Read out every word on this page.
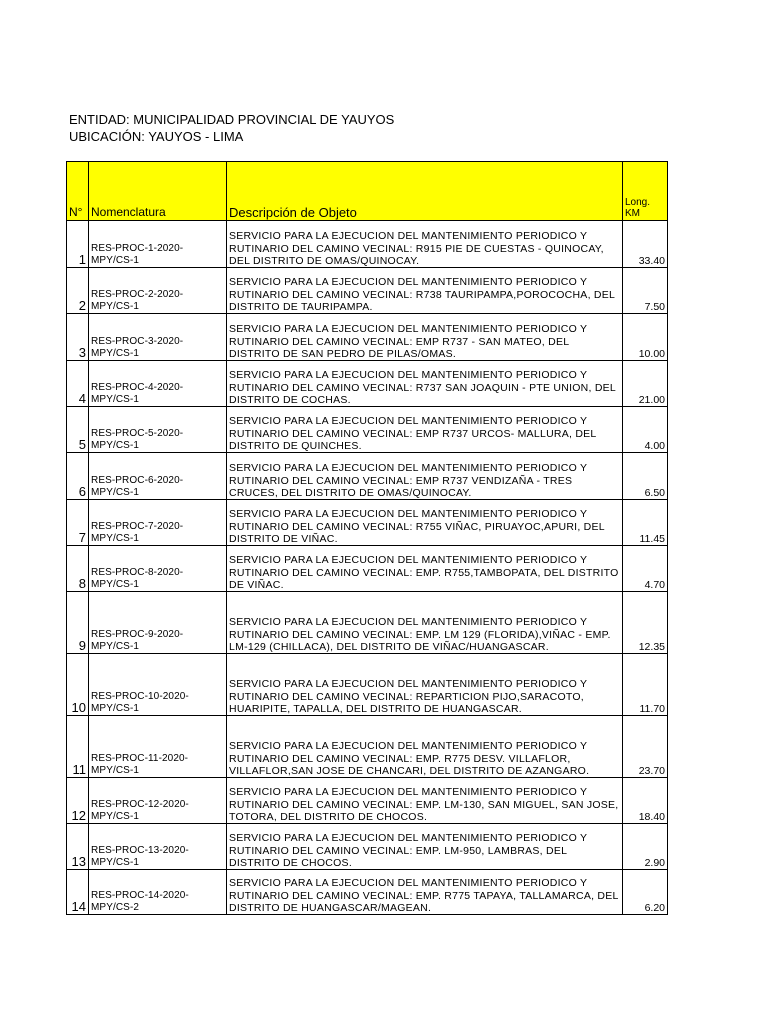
ENTIDAD: MUNICIPALIDAD PROVINCIAL DE YAUYOS
UBICACIÓN: YAUYOS - LIMA
N°	Nomenclatura	Descripción de Objeto	Long. KM
1	RES-PROC-1-2020-MPY/CS-1	SERVICIO PARA LA EJECUCION DEL MANTENIMIENTO PERIODICO Y RUTINARIO DEL CAMINO VECINAL: R915 PIE DE CUESTAS - QUINOCAY, DEL DISTRITO DE OMAS/QUINOCAY.	33.40
2	RES-PROC-2-2020-MPY/CS-1	SERVICIO PARA LA EJECUCION DEL MANTENIMIENTO PERIODICO Y RUTINARIO DEL CAMINO VECINAL: R738 TAURIPAMPA,POROCOCHA, DEL DISTRITO DE TAURIPAMPA.	7.50
3	RES-PROC-3-2020-MPY/CS-1	SERVICIO PARA LA EJECUCION DEL MANTENIMIENTO PERIODICO Y RUTINARIO DEL CAMINO VECINAL: EMP R737 - SAN MATEO, DEL DISTRITO DE SAN PEDRO DE PILAS/OMAS.	10.00
4	RES-PROC-4-2020-MPY/CS-1	SERVICIO PARA LA EJECUCION DEL MANTENIMIENTO PERIODICO Y RUTINARIO DEL CAMINO VECINAL: R737 SAN JOAQUIN - PTE UNION, DEL DISTRITO DE COCHAS.	21.00
5	RES-PROC-5-2020-MPY/CS-1	SERVICIO PARA LA EJECUCION DEL MANTENIMIENTO PERIODICO Y RUTINARIO DEL CAMINO VECINAL: EMP R737 URCOS- MALLURA, DEL DISTRITO DE QUINCHES.	4.00
6	RES-PROC-6-2020-MPY/CS-1	SERVICIO PARA LA EJECUCION DEL MANTENIMIENTO PERIODICO Y RUTINARIO DEL CAMINO VECINAL: EMP R737 VENDIZAÑA - TRES CRUCES, DEL DISTRITO DE OMAS/QUINOCAY.	6.50
7	RES-PROC-7-2020-MPY/CS-1	SERVICIO PARA LA EJECUCION DEL MANTENIMIENTO PERIODICO Y RUTINARIO DEL CAMINO VECINAL: R755 VIÑAC, PIRUAYOC,APURI, DEL DISTRITO DE VIÑAC.	11.45
8	RES-PROC-8-2020-MPY/CS-1	SERVICIO PARA LA EJECUCION DEL MANTENIMIENTO PERIODICO Y RUTINARIO DEL CAMINO VECINAL: EMP. R755,TAMBOPATA, DEL DISTRITO DE VIÑAC.	4.70
9	RES-PROC-9-2020-MPY/CS-1	SERVICIO PARA LA EJECUCION DEL MANTENIMIENTO PERIODICO Y RUTINARIO DEL CAMINO VECINAL: EMP. LM 129 (FLORIDA),VIÑAC - EMP. LM-129 (CHILLACA), DEL DISTRITO DE VIÑAC/HUANGASCAR.	12.35
10	RES-PROC-10-2020-MPY/CS-1	SERVICIO PARA LA EJECUCION DEL MANTENIMIENTO PERIODICO Y RUTINARIO DEL CAMINO VECINAL: REPARTICION PIJO,SARACOTO, HUARIPITE, TAPALLA, DEL DISTRITO DE HUANGASCAR.	11.70
11	RES-PROC-11-2020-MPY/CS-1	SERVICIO PARA LA EJECUCION DEL MANTENIMIENTO PERIODICO Y RUTINARIO DEL CAMINO VECINAL: EMP. R775 DESV. VILLAFLOR, VILLAFLOR,SAN JOSE DE CHANCARI, DEL DISTRITO DE AZANGARO.	23.70
12	RES-PROC-12-2020-MPY/CS-1	SERVICIO PARA LA EJECUCION DEL MANTENIMIENTO PERIODICO Y RUTINARIO DEL CAMINO VECINAL: EMP. LM-130, SAN MIGUEL, SAN JOSE, TOTORA, DEL DISTRITO DE CHOCOS.	18.40
13	RES-PROC-13-2020-MPY/CS-1	SERVICIO PARA LA EJECUCION DEL MANTENIMIENTO PERIODICO Y RUTINARIO DEL CAMINO VECINAL: EMP. LM-950, LAMBRAS, DEL DISTRITO DE CHOCOS.	2.90
14	RES-PROC-14-2020-MPY/CS-2	SERVICIO PARA LA EJECUCION DEL MANTENIMIENTO PERIODICO Y RUTINARIO DEL CAMINO VECINAL: EMP. R775 TAPAYA, TALLAMARCA, DEL DISTRITO DE HUANGASCAR/MAGEAN.	6.20
